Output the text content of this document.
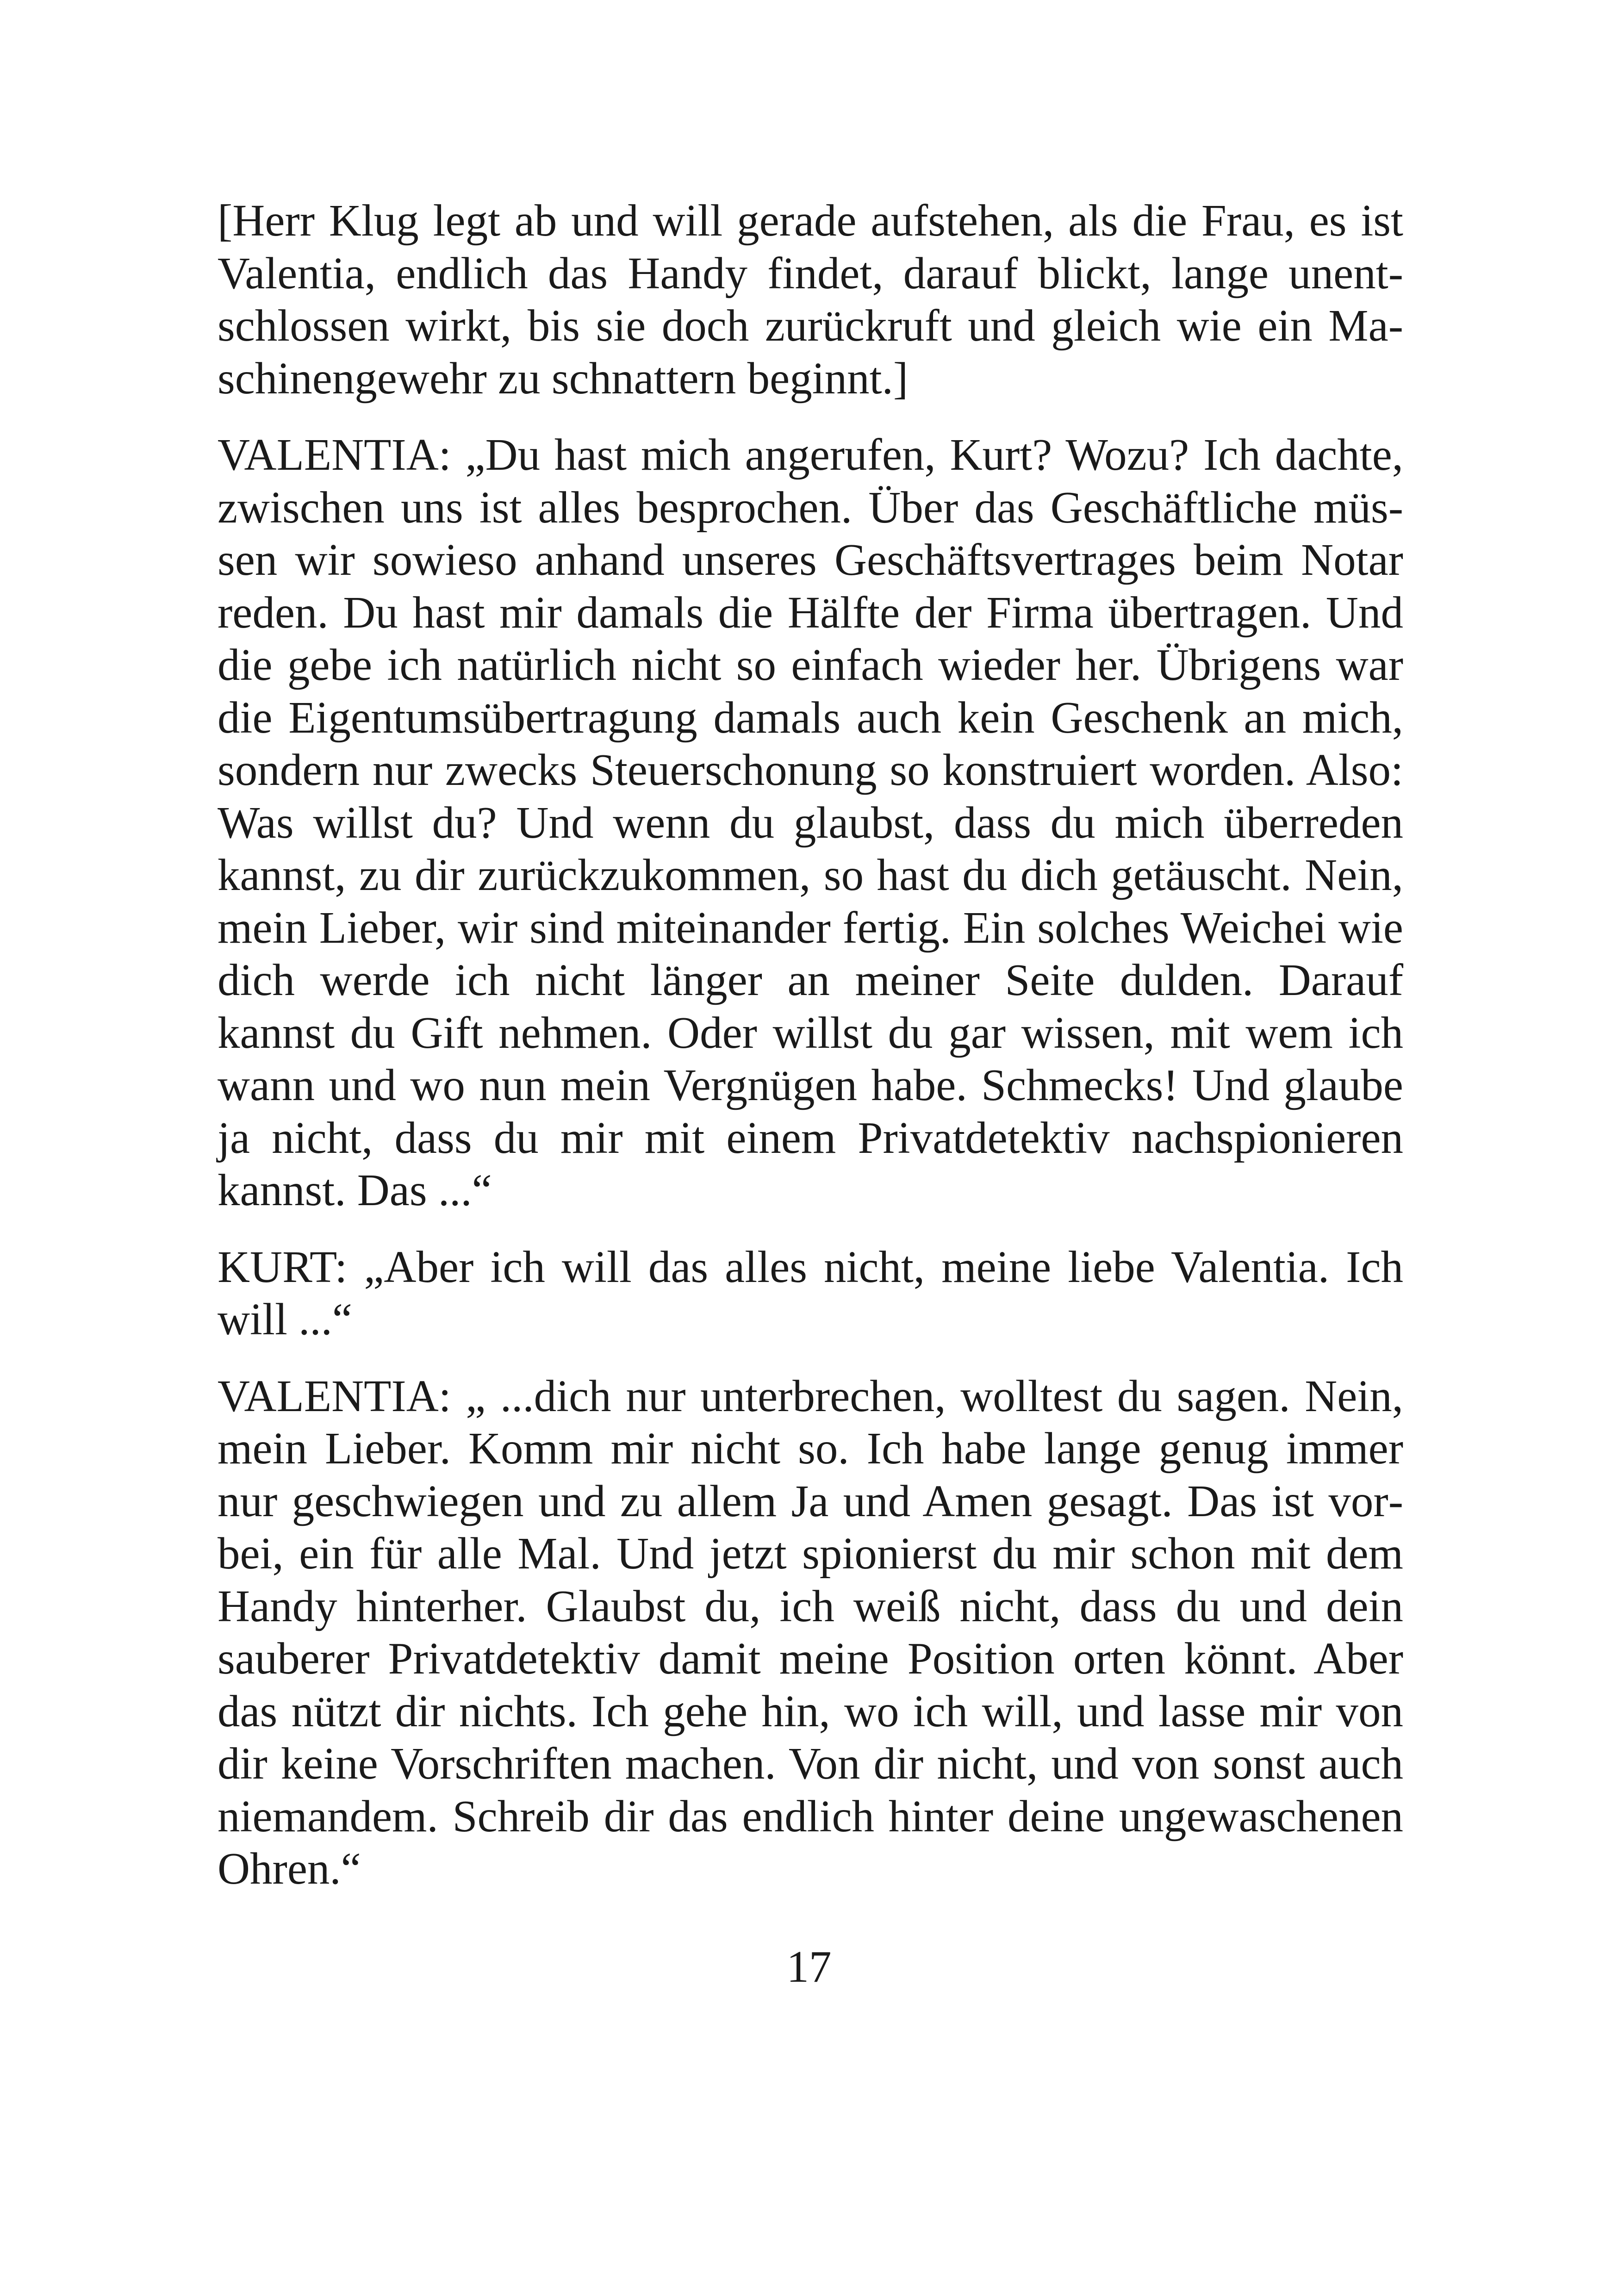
[Herr Klug legt ab und will gerade aufstehen, als die Frau, es ist Valentia, endlich das Handy findet, darauf blickt, lange unentschlossen wirkt, bis sie doch zurückruft und gleich wie ein Maschinengewehr zu schnattern beginnt.]

VALENTIA: „Du hast mich angerufen, Kurt? Wozu? Ich dachte, zwischen uns ist alles besprochen. Über das Geschäftliche müssen wir sowieso anhand unseres Geschäftsvertrages beim Notar reden. Du hast mir damals die Hälfte der Firma übertragen. Und die gebe ich natürlich nicht so einfach wieder her. Übrigens war die Eigentumsübertragung damals auch kein Geschenk an mich, sondern nur zwecks Steuerschonung so konstruiert worden. Also: Was willst du? Und wenn du glaubst, dass du mich überreden kannst, zu dir zurückzukommen, so hast du dich getäuscht. Nein, mein Lieber, wir sind miteinander fertig. Ein solches Weichei wie dich werde ich nicht länger an meiner Seite dulden. Darauf kannst du Gift nehmen. Oder willst du gar wissen, mit wem ich wann und wo nun mein Vergnügen habe. Schmecks! Und glaube ja nicht, dass du mir mit einem Privatdetektiv nachspionieren kannst. Das ...“

KURT: „Aber ich will das alles nicht, meine liebe Valentia. Ich will ...“

VALENTIA: „ ...dich nur unterbrechen, wolltest du sagen. Nein, mein Lieber. Komm mir nicht so. Ich habe lange genug immer nur geschwiegen und zu allem Ja und Amen gesagt. Das ist vorbei, ein für alle Mal. Und jetzt spionierst du mir schon mit dem Handy hinterher. Glaubst du, ich weiß nicht, dass du und dein sauberer Privatdetektiv damit meine Position orten könnt. Aber das nützt dir nichts. Ich gehe hin, wo ich will, und lasse mir von dir keine Vorschriften machen. Von dir nicht, und von sonst auch niemandem. Schreib dir das endlich hinter deine ungewaschenen Ohren.“

17
